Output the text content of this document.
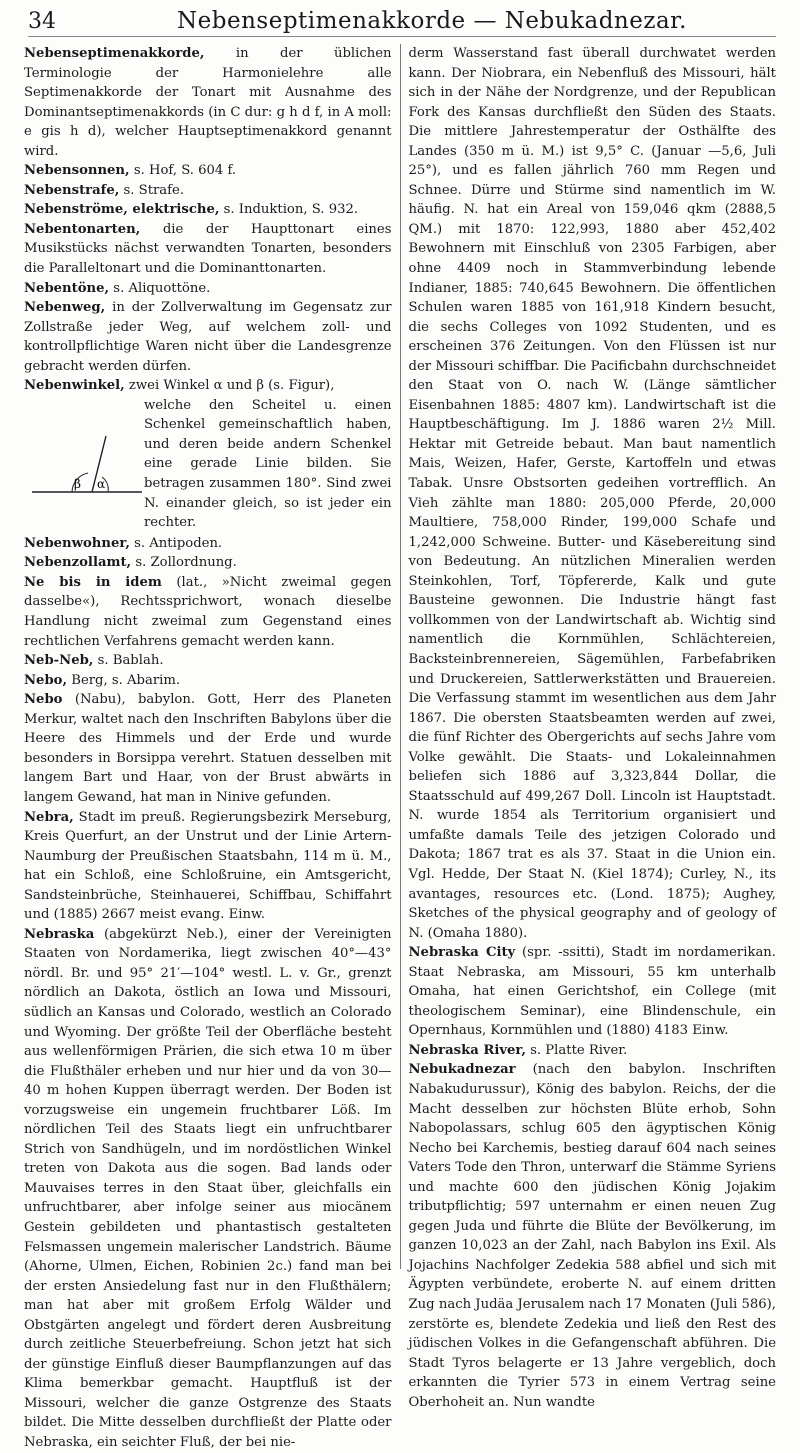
34	Nebenseptimenakkorde — Nebukadnezar.

Nebenseptimenakkorde, in der üblichen Terminologie der Harmonielehre alle Septimenakkorde der Tonart mit Ausnahme des Dominantseptimenakkords (in C dur: g h d f, in A moll: e gis h d), welcher Hauptseptimenakkord genannt wird.

Nebensonnen, s. Hof, S. 604 f.

Nebenstrafe, s. Strafe.

Nebenströme, elektrische, s. Induktion, S. 932.

Nebentonarten, die der Haupttonart eines Musikstücks nächst verwandten Tonarten, besonders die Paralleltonart und die Dominanttonarten.

Nebentöne, s. Aliquottöne.

Nebenweg, in der Zollverwaltung im Gegensatz zur Zollstraße jeder Weg, auf welchem zoll- und kontrollpflichtige Waren nicht über die Landesgrenze gebracht werden dürfen.

Nebenwinkel, zwei Winkel α und β (s. Figur),

β α

welche den Scheitel u. einen Schenkel gemeinschaftlich haben, und deren beide andern Schenkel eine gerade Linie bilden. Sie betragen zusammen 180°. Sind zwei N. einander gleich, so ist jeder ein rechter.

Nebenwohner, s. Antipoden.

Nebenzollamt, s. Zollordnung.

Ne bis in idem (lat., »Nicht zweimal gegen dasselbe«), Rechtssprichwort, wonach dieselbe Handlung nicht zweimal zum Gegenstand eines rechtlichen Verfahrens gemacht werden kann.

Neb-Neb, s. Bablah.

Nebo, Berg, s. Abarim.

Nebo (Nabu), babylon. Gott, Herr des Planeten Merkur, waltet nach den Inschriften Babylons über die Heere des Himmels und der Erde und wurde besonders in Borsippa verehrt. Statuen desselben mit langem Bart und Haar, von der Brust abwärts in langem Gewand, hat man in Ninive gefunden.

Nebra, Stadt im preuß. Regierungsbezirk Merseburg, Kreis Querfurt, an der Unstrut und der Linie Artern-Naumburg der Preußischen Staatsbahn, 114 m ü. M., hat ein Schloß, eine Schloßruine, ein Amtsgericht, Sandsteinbrüche, Steinhauerei, Schiffbau, Schiffahrt und (1885) 2667 meist evang. Einw.

Nebraska (abgekürzt Neb.), einer der Vereinigten Staaten von Nordamerika, liegt zwischen 40°—43° nördl. Br. und 95° 21′—104° westl. L. v. Gr., grenzt nördlich an Dakota, östlich an Iowa und Missouri, südlich an Kansas und Colorado, westlich an Colorado und Wyoming. Der größte Teil der Oberfläche besteht aus wellenförmigen Prärien, die sich etwa 10 m über die Flußthäler erheben und nur hier und da von 30—40 m hohen Kuppen überragt werden. Der Boden ist vorzugsweise ein ungemein fruchtbarer Löß. Im nördlichen Teil des Staats liegt ein unfruchtbarer Strich von Sandhügeln, und im nordöstlichen Winkel treten von Dakota aus die sogen. Bad lands oder Mauvaises terres in den Staat über, gleichfalls ein unfruchtbarer, aber infolge seiner aus miocänem Gestein gebildeten und phantastisch gestalteten Felsmassen ungemein malerischer Landstrich. Bäume (Ahorne, Ulmen, Eichen, Robinien 2c.) fand man bei der ersten Ansiedelung fast nur in den Flußthälern; man hat aber mit großem Erfolg Wälder und Obstgärten angelegt und fördert deren Ausbreitung durch zeitliche Steuerbefreiung. Schon jetzt hat sich der günstige Einfluß dieser Baumpflanzungen auf das Klima bemerkbar gemacht. Hauptfluß ist der Missouri, welcher die ganze Ostgrenze des Staats bildet. Die Mitte desselben durchfließt der Platte oder Nebraska, ein seichter Fluß, der bei nie-

derm Wasserstand fast überall durchwatet werden kann. Der Niobrara, ein Nebenfluß des Missouri, hält sich in der Nähe der Nordgrenze, und der Republican Fork des Kansas durchfließt den Süden des Staats. Die mittlere Jahrestemperatur der Osthälfte des Landes (350 m ü. M.) ist 9,5° C. (Januar —5,6, Juli 25°), und es fallen jährlich 760 mm Regen und Schnee. Dürre und Stürme sind namentlich im W. häufig. N. hat ein Areal von 159,046 qkm (2888,5 QM.) mit 1870: 122,993, 1880 aber 452,402 Bewohnern mit Einschluß von 2305 Farbigen, aber ohne 4409 noch in Stammverbindung lebende Indianer, 1885: 740,645 Bewohnern. Die öffentlichen Schulen waren 1885 von 161,918 Kindern besucht, die sechs Colleges von 1092 Studenten, und es erscheinen 376 Zeitungen. Von den Flüssen ist nur der Missouri schiffbar. Die Pacificbahn durchschneidet den Staat von O. nach W. (Länge sämtlicher Eisenbahnen 1885: 4807 km). Landwirtschaft ist die Hauptbeschäftigung. Im J. 1886 waren 2½ Mill. Hektar mit Getreide bebaut. Man baut namentlich Mais, Weizen, Hafer, Gerste, Kartoffeln und etwas Tabak. Unsre Obstsorten gedeihen vortrefflich. An Vieh zählte man 1880: 205,000 Pferde, 20,000 Maultiere, 758,000 Rinder, 199,000 Schafe und 1,242,000 Schweine. Butter- und Käsebereitung sind von Bedeutung. An nützlichen Mineralien werden Steinkohlen, Torf, Töpfererde, Kalk und gute Bausteine gewonnen. Die Industrie hängt fast vollkommen von der Landwirtschaft ab. Wichtig sind namentlich die Kornmühlen, Schlächtereien, Backsteinbrennereien, Sägemühlen, Farbefabriken und Druckereien, Sattlerwerkstätten und Brauereien. Die Verfassung stammt im wesentlichen aus dem Jahr 1867. Die obersten Staatsbeamten werden auf zwei, die fünf Richter des Obergerichts auf sechs Jahre vom Volke gewählt. Die Staats- und Lokaleinnahmen beliefen sich 1886 auf 3,323,844 Dollar, die Staatsschuld auf 499,267 Doll. Lincoln ist Hauptstadt. N. wurde 1854 als Territorium organisiert und umfaßte damals Teile des jetzigen Colorado und Dakota; 1867 trat es als 37. Staat in die Union ein. Vgl. Hedde, Der Staat N. (Kiel 1874); Curley, N., its avantages, resources etc. (Lond. 1875); Aughey, Sketches of the physical geography and of geology of N. (Omaha 1880).

Nebraska City (spr. -ssitti), Stadt im nordamerikan. Staat Nebraska, am Missouri, 55 km unterhalb Omaha, hat einen Gerichtshof, ein College (mit theologischem Seminar), eine Blindenschule, ein Opernhaus, Kornmühlen und (1880) 4183 Einw.

Nebraska River, s. Platte River.

Nebukadnezar (nach den babylon. Inschriften Nabakudurussur), König des babylon. Reichs, der die Macht desselben zur höchsten Blüte erhob, Sohn Nabopolassars, schlug 605 den ägyptischen König Necho bei Karchemis, bestieg darauf 604 nach seines Vaters Tode den Thron, unterwarf die Stämme Syriens und machte 600 den jüdischen König Jojakim tributpflichtig; 597 unternahm er einen neuen Zug gegen Juda und führte die Blüte der Bevölkerung, im ganzen 10,023 an der Zahl, nach Babylon ins Exil. Als Jojachins Nachfolger Zedekia 588 abfiel und sich mit Ägypten verbündete, eroberte N. auf einem dritten Zug nach Judäa Jerusalem nach 17 Monaten (Juli 586), zerstörte es, blendete Zedekia und ließ den Rest des jüdischen Volkes in die Gefangenschaft abführen. Die Stadt Tyros belagerte er 13 Jahre vergeblich, doch erkannten die Tyrier 573 in einem Vertrag seine Oberhoheit an. Nun wandte
